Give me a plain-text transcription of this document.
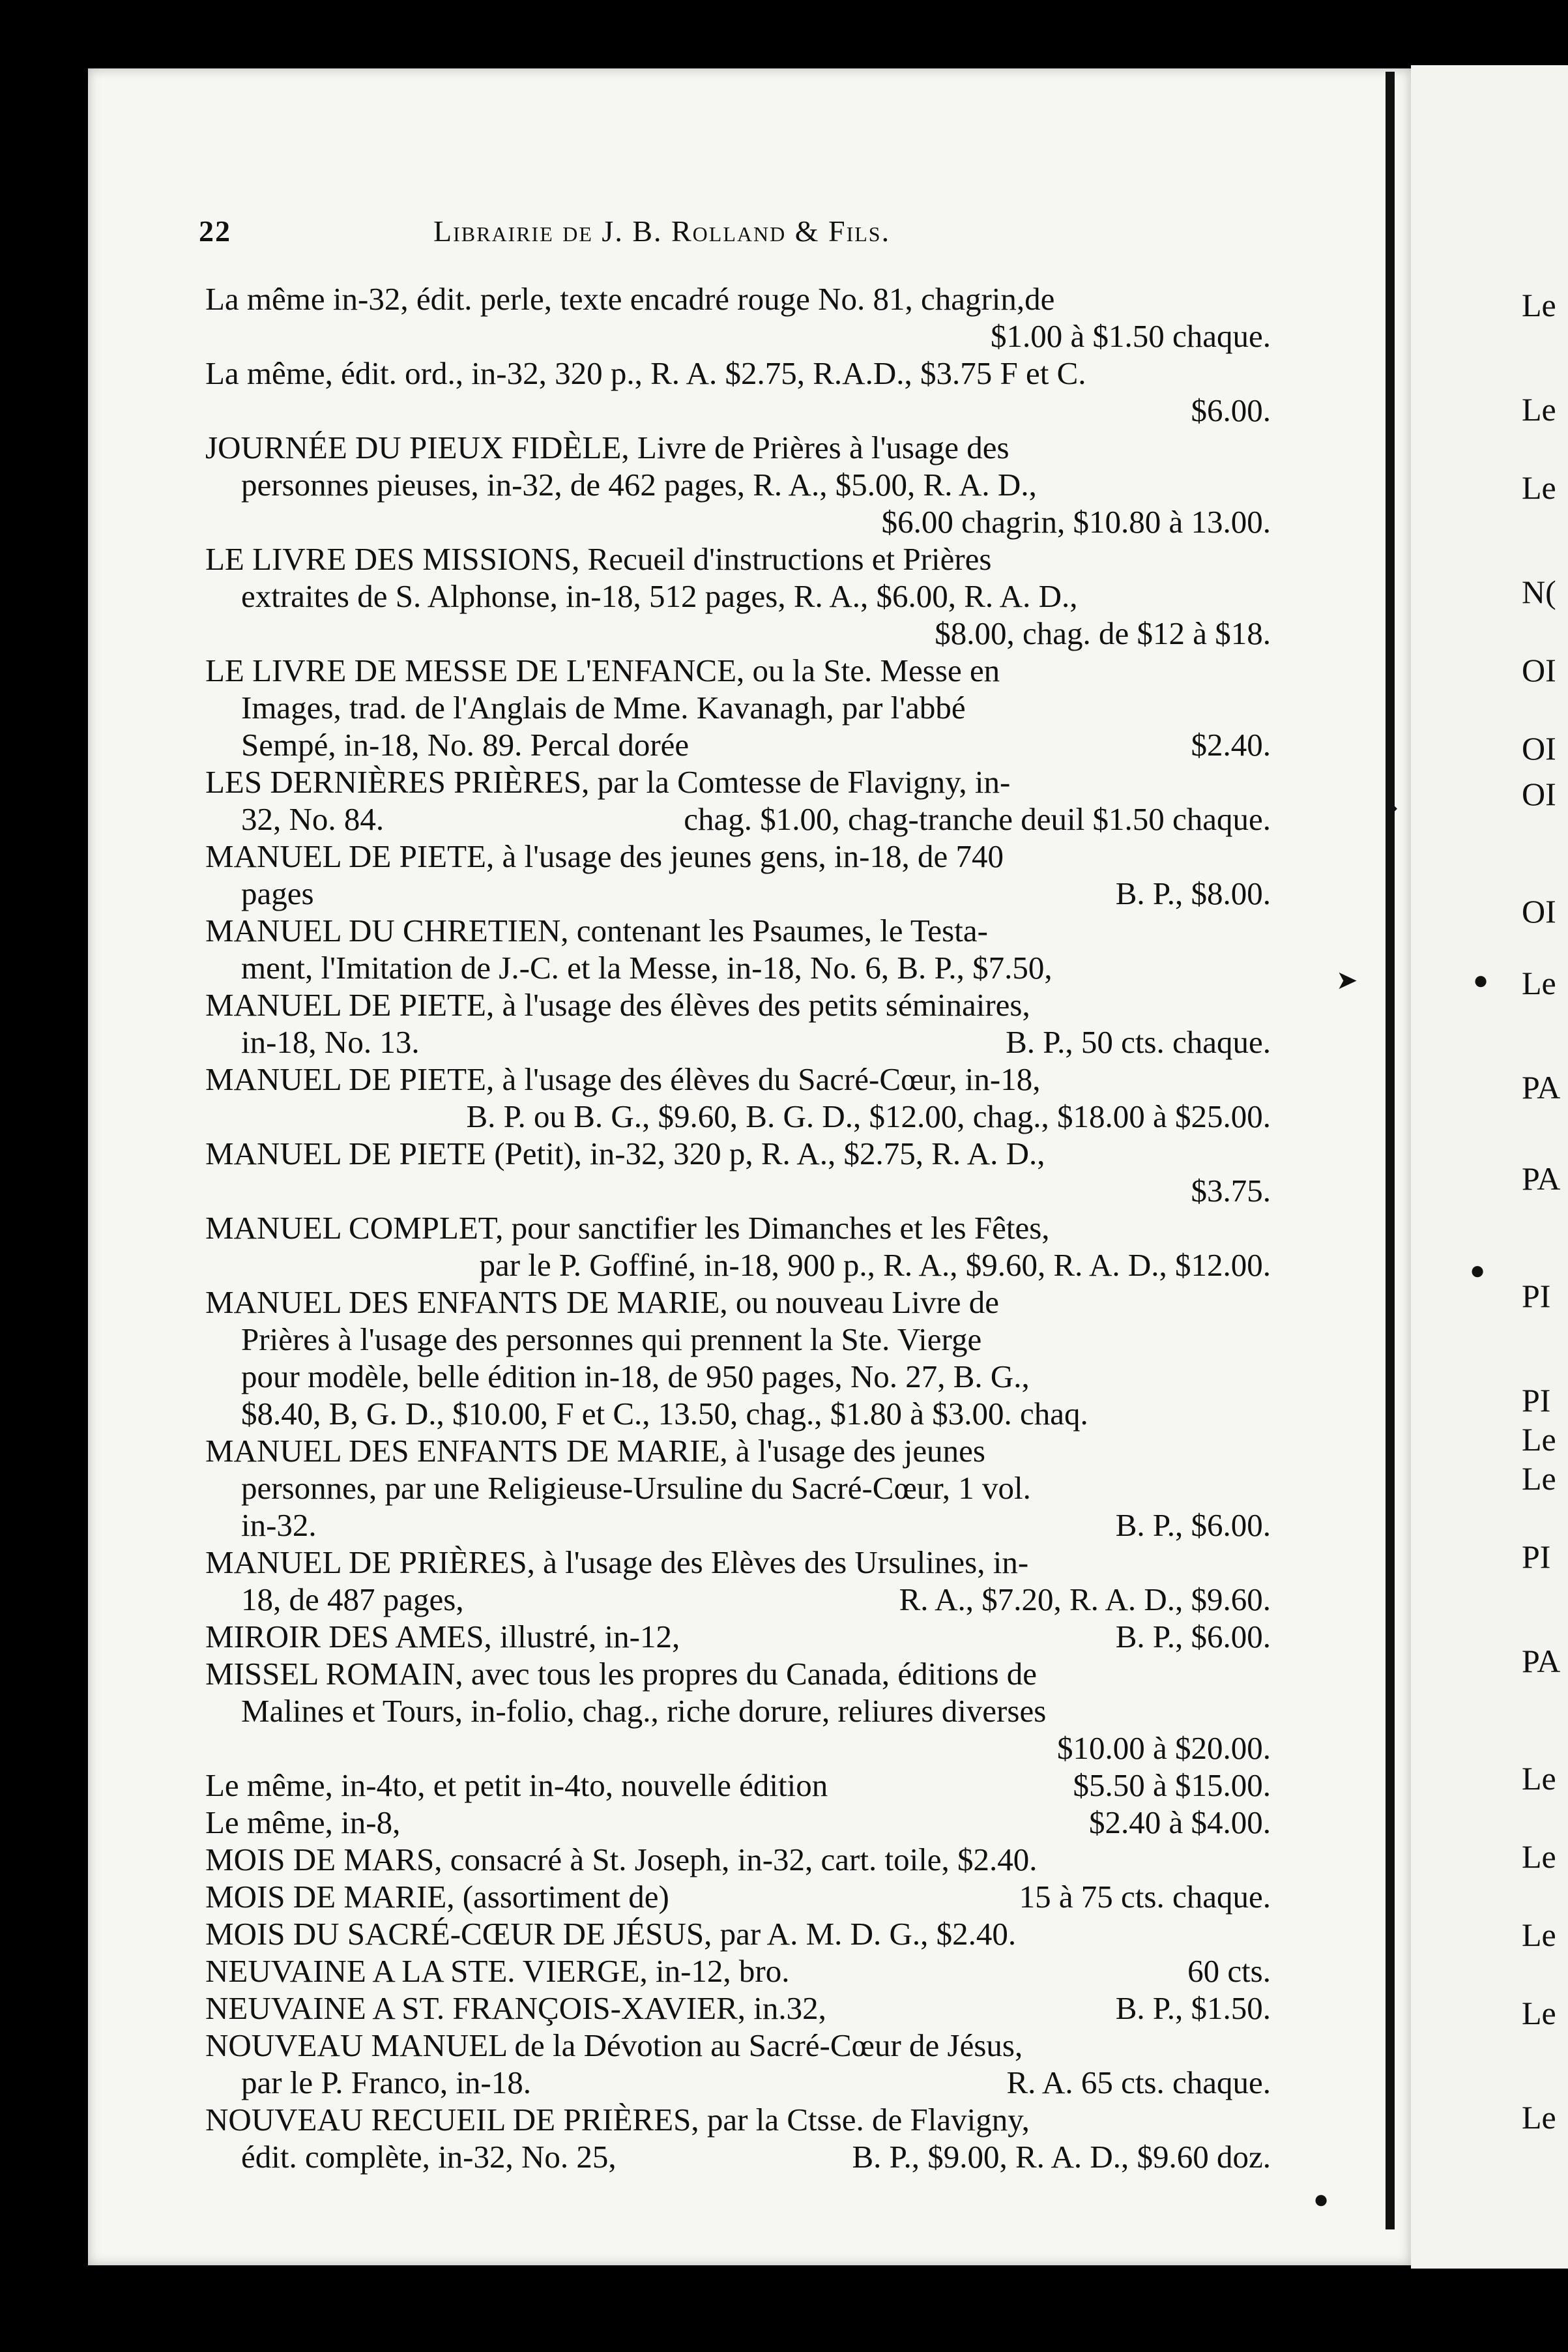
22	Librairie de J. B. Rolland & Fils.
La même in-32, édit. perle, texte encadré rouge No. 81, chagrin,de
$1.00 à $1.50 chaque.
La même, édit. ord., in-32, 320 p., R. A. $2.75, R.A.D., $3.75 F et C.
$6.00.
JOURNÉE DU PIEUX FIDÈLE, Livre de Prières à l'usage des
personnes pieuses, in-32, de 462 pages, R. A., $5.00, R. A. D.,
$6.00 chagrin, $10.80 à 13.00.
LE LIVRE DES MISSIONS, Recueil d'instructions et Prières
extraites de S. Alphonse, in-18, 512 pages, R. A., $6.00, R. A. D.,
$8.00, chag. de $12 à $18.
LE LIVRE DE MESSE DE L'ENFANCE, ou la Ste. Messe en
Images, trad. de l'Anglais de Mme. Kavanagh, par l'abbé
Sempé, in-18, No. 89. Percal dorée	$2.40.
LES DERNIÈRES PRIÈRES, par la Comtesse de Flavigny, in-
32, No. 84.	chag. $1.00, chag-tranche deuil $1.50 chaque.
MANUEL DE PIETE, à l'usage des jeunes gens, in-18, de 740
pages	B. P., $8.00.
MANUEL DU CHRETIEN, contenant les Psaumes, le Testa-
ment, l'Imitation de J.-C. et la Messe, in-18, No. 6, B. P., $7.50,
MANUEL DE PIETE, à l'usage des élèves des petits séminaires,
in-18, No. 13.	B. P., 50 cts. chaque.
MANUEL DE PIETE, à l'usage des élèves du Sacré-Cœur, in-18,
B. P. ou B. G., $9.60, B. G. D., $12.00, chag., $18.00 à $25.00.
MANUEL DE PIETE (Petit), in-32, 320 p, R. A., $2.75, R. A. D.,
$3.75.
MANUEL COMPLET, pour sanctifier les Dimanches et les Fêtes,
par le P. Goffiné, in-18, 900 p., R. A., $9.60, R. A. D., $12.00.
MANUEL DES ENFANTS DE MARIE, ou nouveau Livre de
Prières à l'usage des personnes qui prennent la Ste. Vierge
pour modèle, belle édition in-18, de 950 pages, No. 27, B. G.,
$8.40, B, G. D., $10.00, F et C., 13.50, chag., $1.80 à $3.00. chaq.
MANUEL DES ENFANTS DE MARIE, à l'usage des jeunes
personnes, par une Religieuse-Ursuline du Sacré-Cœur, 1 vol.
in-32.	B. P., $6.00.
MANUEL DE PRIÈRES, à l'usage des Elèves des Ursulines, in-
18, de 487 pages,	R. A., $7.20, R. A. D., $9.60.
MIROIR DES AMES, illustré, in-12,	B. P., $6.00.
MISSEL ROMAIN, avec tous les propres du Canada, éditions de
Malines et Tours, in-folio, chag., riche dorure, reliures diverses
$10.00 à $20.00.
Le même, in-4to, et petit in-4to, nouvelle édition	$5.50 à $15.00.
Le même, in-8,	$2.40 à $4.00.
MOIS DE MARS, consacré à St. Joseph, in-32, cart. toile, $2.40.
MOIS DE MARIE, (assortiment de)	15 à 75 cts. chaque.
MOIS DU SACRÉ-CŒUR DE JÉSUS, par A. M. D. G., $2.40.
NEUVAINE A LA STE. VIERGE, in-12, bro.	60 cts.
NEUVAINE A ST. FRANÇOIS-XAVIER, in.32,	B. P., $1.50.
NOUVEAU MANUEL de la Dévotion au Sacré-Cœur de Jésus,
par le P. Franco, in-18.	R. A. 65 cts. chaque.
NOUVEAU RECUEIL DE PRIÈRES, par la Ctsse. de Flavigny,
édit. complète, in-32, No. 25,	B. P., $9.00, R. A. D., $9.60 doz.
Le
Le
Le
N(
OI
OI
OI
OI
Le
PA
PA
PI
PI
Le
Le
PI
PA
Le
Le
Le
Le
Le
⬩
➤	●
●
●
